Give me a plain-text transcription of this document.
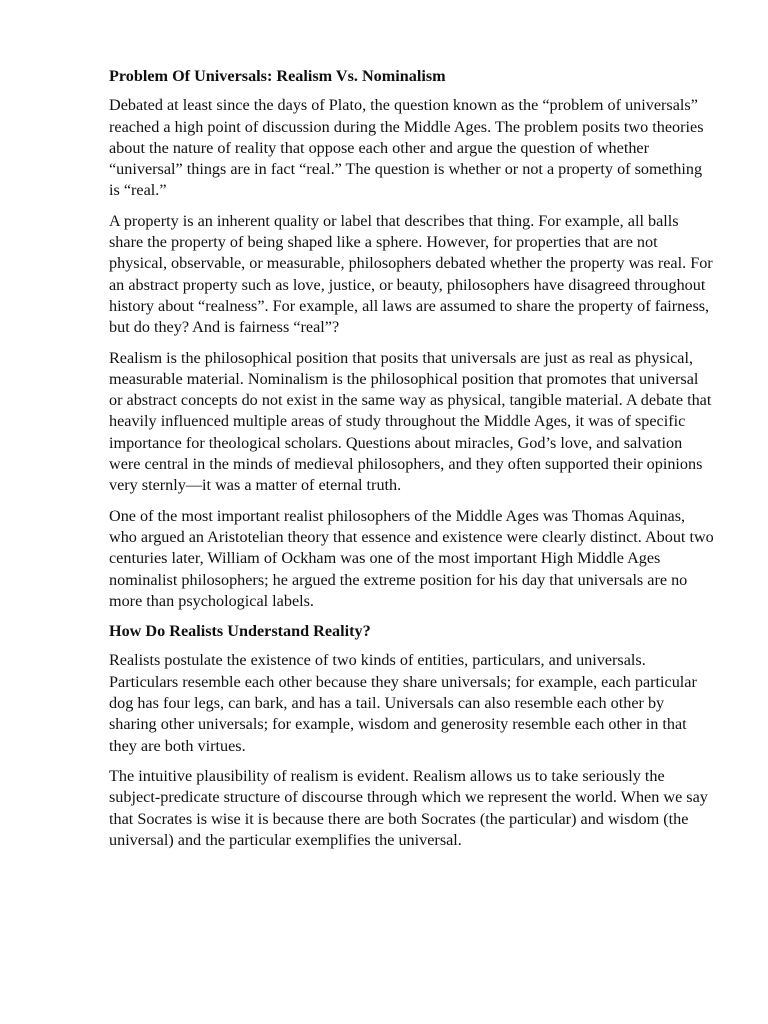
Problem Of Universals: Realism Vs. Nominalism

Debated at least since the days of Plato, the question known as the “problem of universals” reached a high point of discussion during the Middle Ages. The problem posits two theories about the nature of reality that oppose each other and argue the question of whether “universal” things are in fact “real.” The question is whether or not a property of something is “real.”

A property is an inherent quality or label that describes that thing. For example, all balls share the property of being shaped like a sphere. However, for properties that are not physical, observable, or measurable, philosophers debated whether the property was real. For an abstract property such as love, justice, or beauty, philosophers have disagreed throughout history about “realness”. For example, all laws are assumed to share the property of fairness, but do they? And is fairness “real”?

Realism is the philosophical position that posits that universals are just as real as physical, measurable material. Nominalism is the philosophical position that promotes that universal or abstract concepts do not exist in the same way as physical, tangible material. A debate that heavily influenced multiple areas of study throughout the Middle Ages, it was of specific importance for theological scholars. Questions about miracles, God’s love, and salvation were central in the minds of medieval philosophers, and they often supported their opinions very sternly—it was a matter of eternal truth.

One of the most important realist philosophers of the Middle Ages was Thomas Aquinas, who argued an Aristotelian theory that essence and existence were clearly distinct. About two centuries later, William of Ockham was one of the most important High Middle Ages nominalist philosophers; he argued the extreme position for his day that universals are no more than psychological labels.

How Do Realists Understand Reality?

Realists postulate the existence of two kinds of entities, particulars, and universals. Particulars resemble each other because they share universals; for example, each particular dog has four legs, can bark, and has a tail. Universals can also resemble each other by sharing other universals; for example, wisdom and generosity resemble each other in that they are both virtues.

The intuitive plausibility of realism is evident. Realism allows us to take seriously the subject-predicate structure of discourse through which we represent the world. When we say that Socrates is wise it is because there are both Socrates (the particular) and wisdom (the universal) and the particular exemplifies the universal.
